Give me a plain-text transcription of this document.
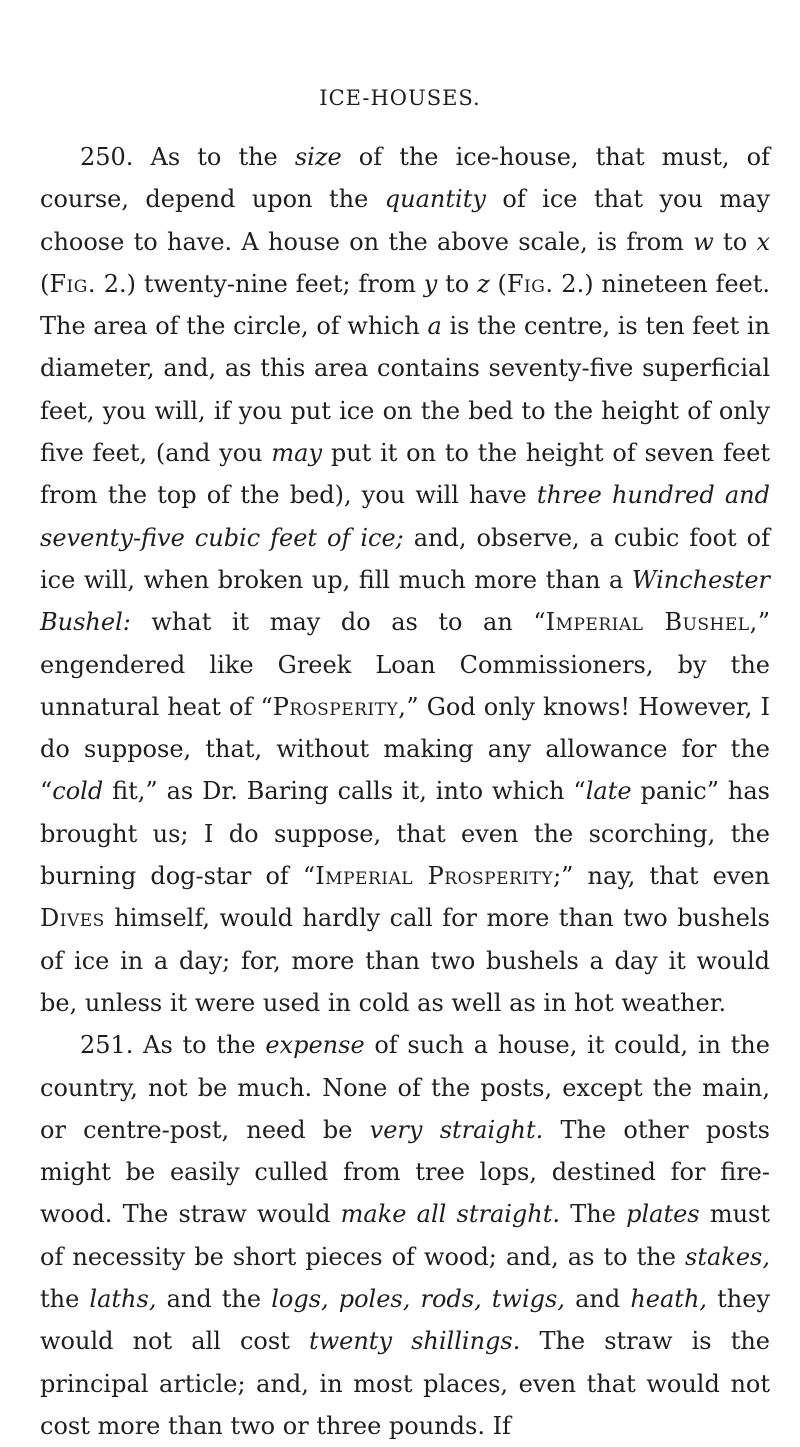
ICE-HOUSES.

250. As to the size of the ice-house, that must, of course, depend upon the quantity of ice that you may choose to have. A house on the above scale, is from w to x (Fig. 2.) twenty-nine feet; from y to z (Fig. 2.) nineteen feet. The area of the circle, of which a is the centre, is ten feet in diameter, and, as this area contains seventy-five superficial feet, you will, if you put ice on the bed to the height of only five feet, (and you may put it on to the height of seven feet from the top of the bed), you will have three hundred and seventy-five cubic feet of ice; and, observe, a cubic foot of ice will, when broken up, fill much more than a Winchester Bushel: what it may do as to an “Imperial Bushel,” engendered like Greek Loan Commissioners, by the unnatural heat of “Prosperity,” God only knows! However, I do suppose, that, without making any allowance for the “cold fit,” as Dr. Baring calls it, into which “late panic” has brought us; I do suppose, that even the scorching, the burning dog-star of “Imperial Prosperity;” nay, that even Dives himself, would hardly call for more than two bushels of ice in a day; for, more than two bushels a day it would be, unless it were used in cold as well as in hot weather.

251. As to the expense of such a house, it could, in the country, not be much. None of the posts, except the main, or centre-post, need be very straight. The other posts might be easily culled from tree lops, destined for fire-wood. The straw would make all straight. The plates must of necessity be short pieces of wood; and, as to the stakes, the laths, and the logs, poles, rods, twigs, and heath, they would not all cost twenty shillings. The straw is the principal article; and, in most places, even that would not cost more than two or three pounds. If
